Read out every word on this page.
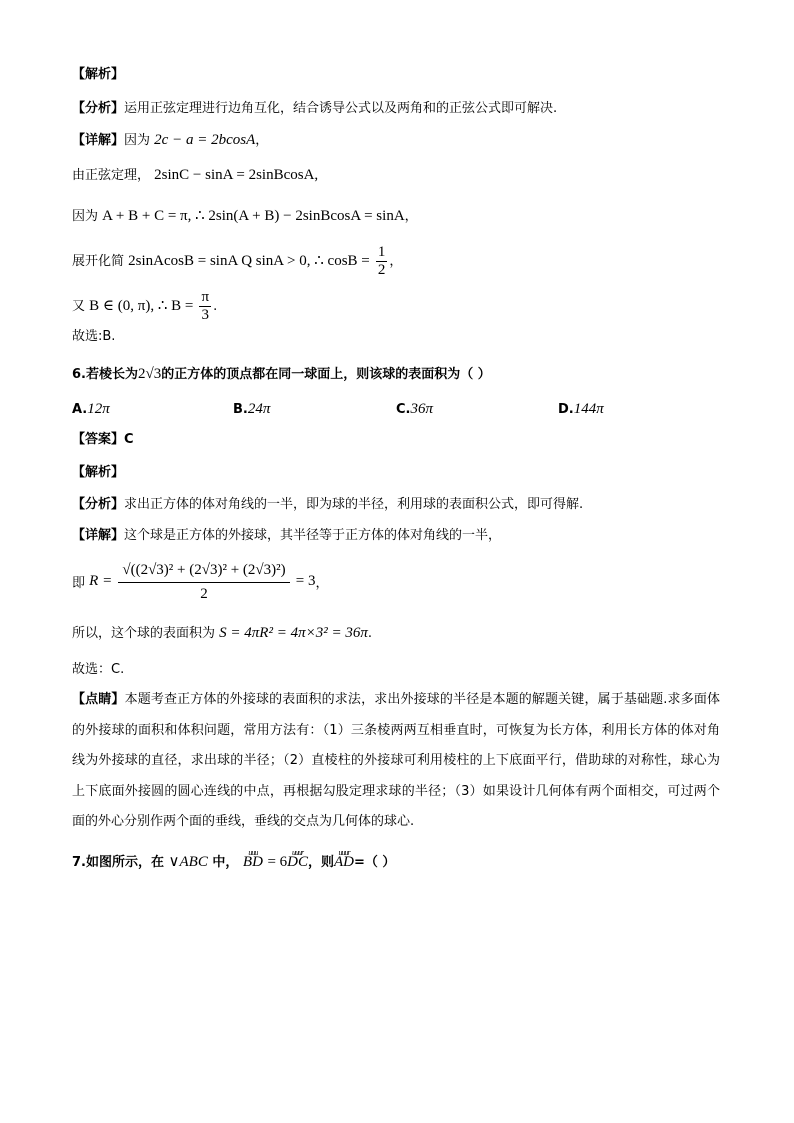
【解析】
【分析】运用正弦定理进行边角互化，结合诱导公式以及两角和的正弦公式即可解决.
【详解】因为 2c − a = 2bcosA，
由正弦定理， 2sinC − sinA = 2sinBcosA,
因为 A + B + C = π, ∴ 2sin(A + B) − 2sinBcosA = sinA，
展开化简 2sinAcosB = sinA Q sinA > 0, ∴ $\cos B = \frac{1}{2}$ ，
又 B ∈ (0, π), ∴ $B = \frac{\pi}{3}$ .
故选:B.
6.若棱长为2√3的正方体的顶点都在同一球面上，则该球的表面积为（ ）
A.12π	B.24π	C.36π	D.144π
【答案】C
【解析】
【分析】求出正方体的体对角线的一半，即为球的半径，利用球的表面积公式，即可得解.
【详解】这个球是正方体的外接球，其半径等于正方体的体对角线的一半，
即 $R = \frac{\text{√((2√3)² + (2√3)² + (2√3)²)}}{2} = 3$，
所以，这个球的表面积为 S = 4πR² = 4π×3² = 36π.
故选：C.
【点睛】本题考查正方体的外接球的表面积的求法，求出外接球的半径是本题的解题关键，属于基础题.求多面体的外接球的面积和体积问题，常用方法有：（1）三条棱两两互相垂直时，可恢复为长方体，利用长方体的体对角线为外接球的直径，求出球的半径；（2）直棱柱的外接球可利用棱柱的上下底面平行，借助球的对称性，球心为上下底面外接圆的圆心连线的中点，再根据勾股定理求球的半径；（3）如果设计几何体有两个面相交，可过两个面的外心分别作两个面的垂线，垂线的交点为几何体的球心.
7.如图所示，在 ∨ABC 中， uuu BD = 6uuur DC，则uuur AD=（ ）
